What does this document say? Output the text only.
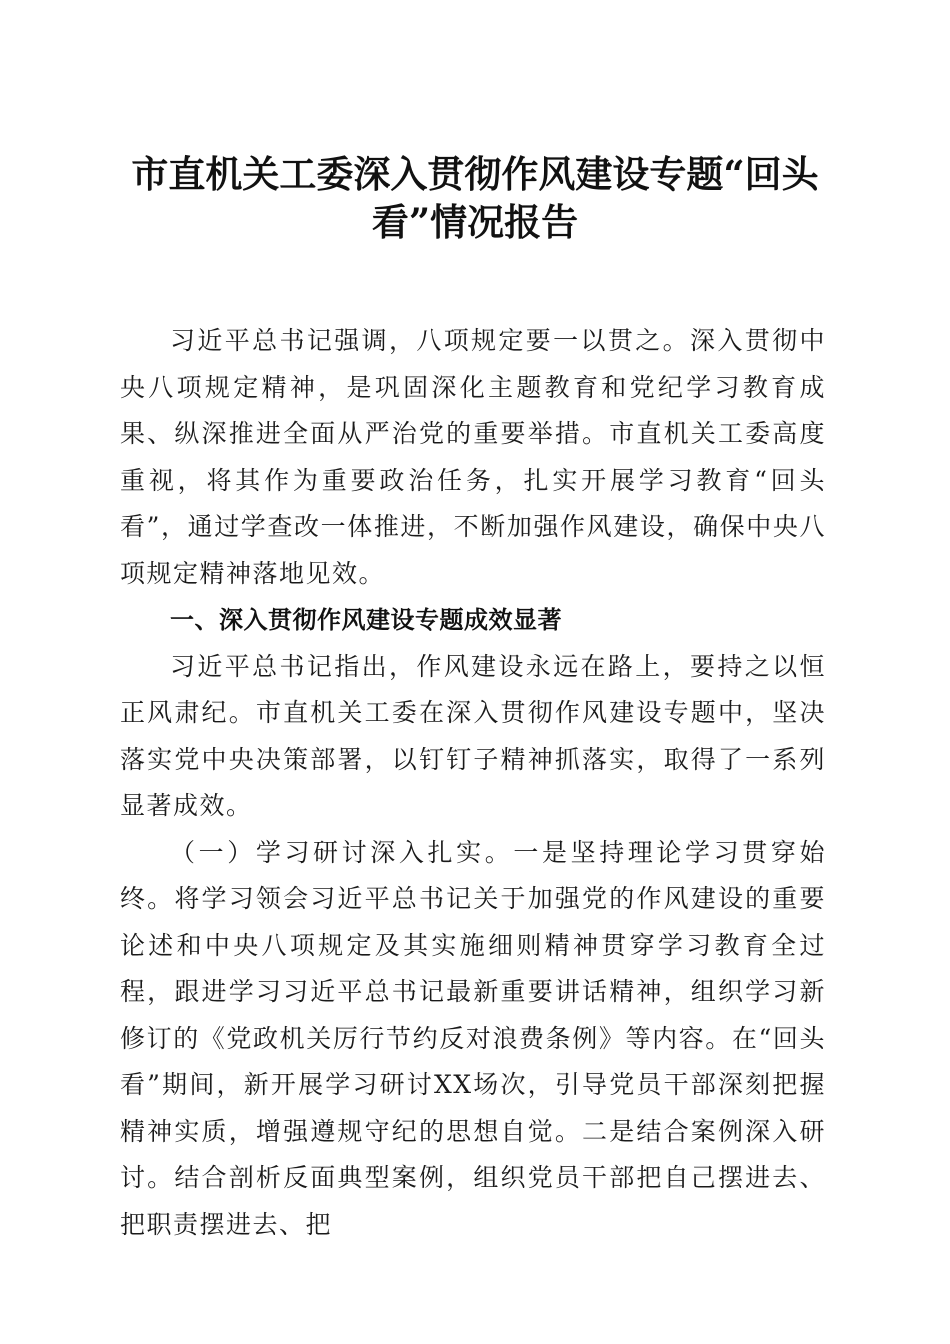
市直机关工委深入贯彻作风建设专题“回头看”情况报告

习近平总书记强调，八项规定要一以贯之。深入贯彻中央八项规定精神，是巩固深化主题教育和党纪学习教育成果、纵深推进全面从严治党的重要举措。市直机关工委高度重视，将其作为重要政治任务，扎实开展学习教育“回头看”，通过学查改一体推进，不断加强作风建设，确保中央八项规定精神落地见效。

一、深入贯彻作风建设专题成效显著

习近平总书记指出，作风建设永远在路上，要持之以恒正风肃纪。市直机关工委在深入贯彻作风建设专题中，坚决落实党中央决策部署，以钉钉子精神抓落实，取得了一系列显著成效。

（一）学习研讨深入扎实。一是坚持理论学习贯穿始终。将学习领会习近平总书记关于加强党的作风建设的重要论述和中央八项规定及其实施细则精神贯穿学习教育全过程，跟进学习习近平总书记最新重要讲话精神，组织学习新修订的《党政机关厉行节约反对浪费条例》等内容。在“回头看”期间，新开展学习研讨XX场次，引导党员干部深刻把握精神实质，增强遵规守纪的思想自觉。二是结合案例深入研讨。结合剖析反面典型案例，组织党员干部把自己摆进去、把职责摆进去、把
